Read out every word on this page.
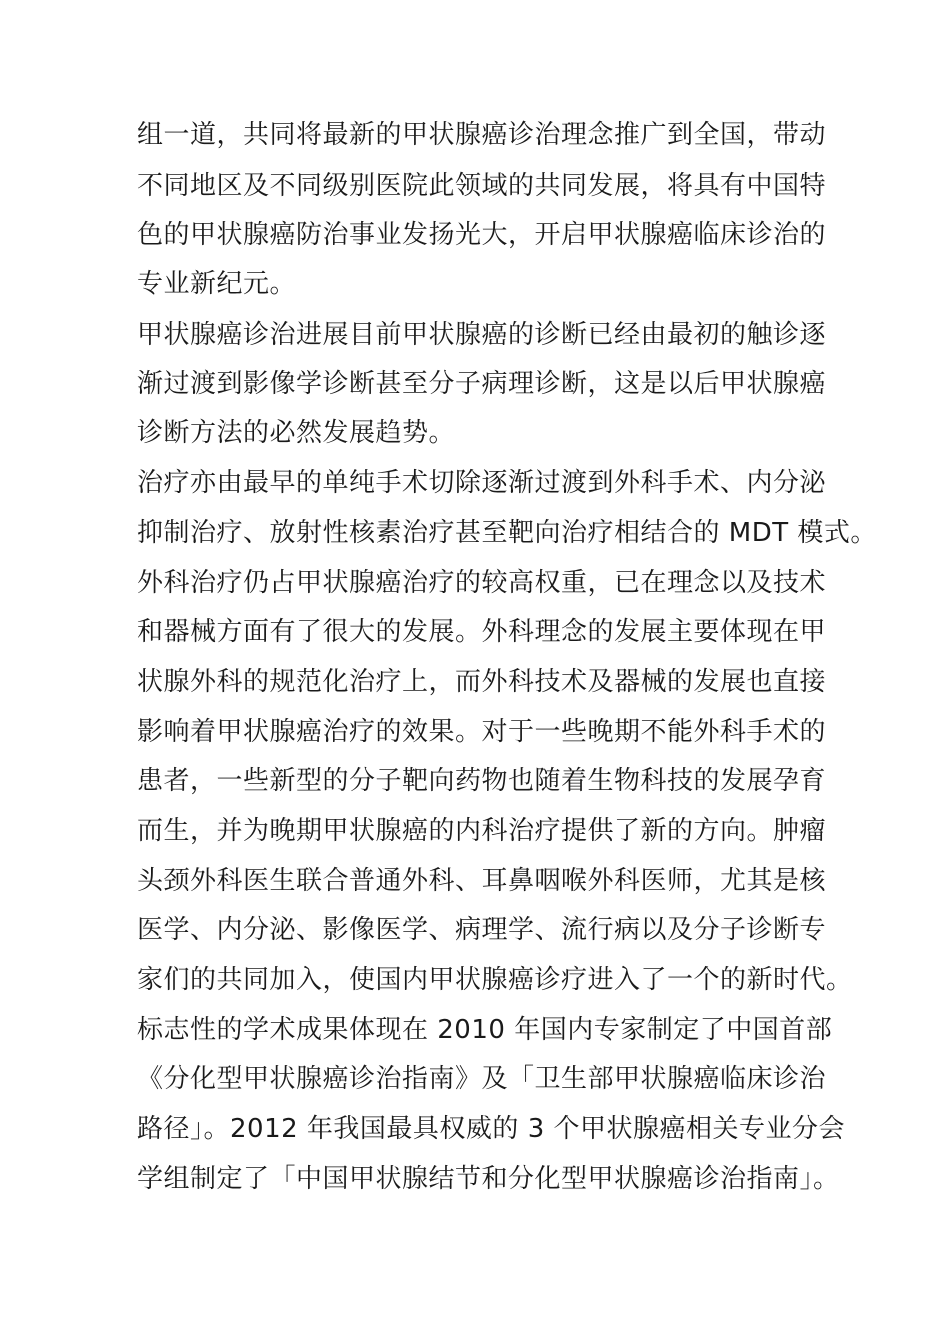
组一道，共同将最新的甲状腺癌诊治理念推广到全国，带动
不同地区及不同级别医院此领域的共同发展，将具有中国特
色的甲状腺癌防治事业发扬光大，开启甲状腺癌临床诊治的
专业新纪元。
甲状腺癌诊治进展目前甲状腺癌的诊断已经由最初的触诊逐
渐过渡到影像学诊断甚至分子病理诊断，这是以后甲状腺癌
诊断方法的必然发展趋势。
治疗亦由最早的单纯手术切除逐渐过渡到外科手术、内分泌
抑制治疗、放射性核素治疗甚至靶向治疗相结合的 MDT 模式。
外科治疗仍占甲状腺癌治疗的较高权重，已在理念以及技术
和器械方面有了很大的发展。外科理念的发展主要体现在甲
状腺外科的规范化治疗上，而外科技术及器械的发展也直接
影响着甲状腺癌治疗的效果。对于一些晚期不能外科手术的
患者，一些新型的分子靶向药物也随着生物科技的发展孕育
而生，并为晚期甲状腺癌的内科治疗提供了新的方向。肿瘤
头颈外科医生联合普通外科、耳鼻咽喉外科医师，尤其是核
医学、内分泌、影像医学、病理学、流行病以及分子诊断专
家们的共同加入，使国内甲状腺癌诊疗进入了一个的新时代。
标志性的学术成果体现在 2010 年国内专家制定了中国首部
《分化型甲状腺癌诊治指南》及「卫生部甲状腺癌临床诊治
路径」。2012 年我国最具权威的 3 个甲状腺癌相关专业分会
学组制定了「中国甲状腺结节和分化型甲状腺癌诊治指南」。
